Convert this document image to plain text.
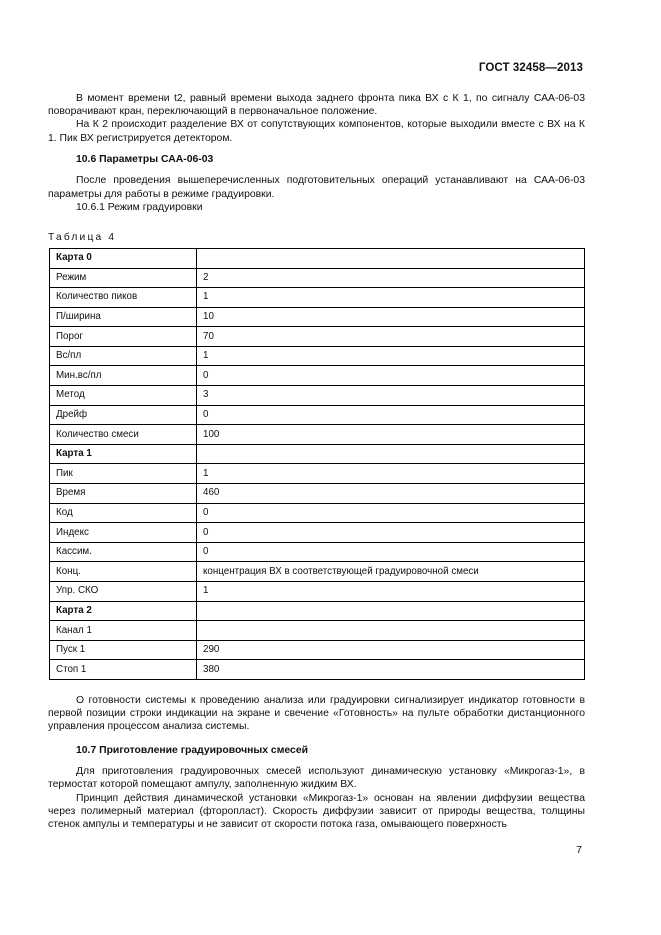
ГОСТ 32458—2013

В момент времени t2, равный времени выхода заднего фронта пика ВХ с К 1, по сигналу САА-06-03 поворачивают кран, переключающий в первоначальное положение.

На К 2 происходит разделение ВХ от сопутствующих компонентов, которые выходили вместе с ВХ на К 1. Пик ВХ регистрируется детектором.

10.6 Параметры САА-06-03

После проведения вышеперечисленных подготовительных операций устанавливают на САА-06-03 параметры для работы в режиме градуировки.

10.6.1 Режим градуировки

Таблица 4
Карта 0	
Режим	2
Количество пиков	1
П/ширина	10
Порог	70
Вс/пл	1
Мин.вс/пл	0
Метод	3
Дрейф	0
Количество смеси	100
Карта 1	
Пик	1
Время	460
Код	0
Индекс	0
Кассим.	0
Конц.	концентрация ВХ в соответствующей градуировочной смеси
Упр. СКО	1
Карта 2	
Канал 1	
Пуск 1	290
Стоп 1	380

О готовности системы к проведению анализа или градуировки сигнализирует индикатор готовности в первой позиции строки индикации на экране и свечение «Готовность» на пульте обработки дистанционного управления процессом анализа системы.

10.7 Приготовление градуировочных смесей

Для приготовления градуировочных смесей используют динамическую установку «Микрогаз-1», в термостат которой помещают ампулу, заполненную жидким ВХ.

Принцип действия динамической установки «Микрогаз-1» основан на явлении диффузии вещества через полимерный материал (фторопласт). Скорость диффузии зависит от природы вещества, толщины стенок ампулы и температуры и не зависит от скорости потока газа, омывающего поверхность

7
